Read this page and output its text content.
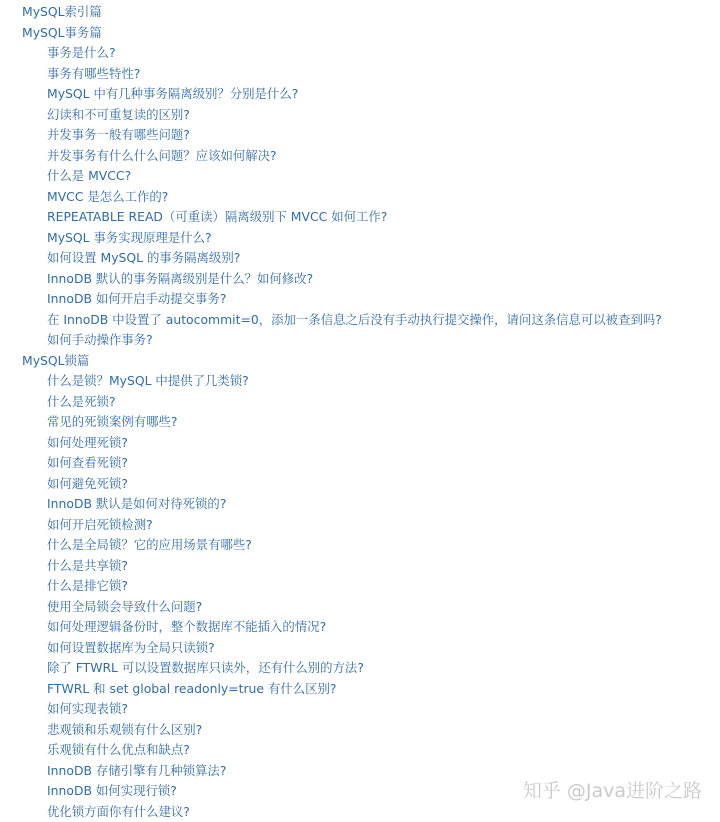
MySQL索引篇
MySQL事务篇
事务是什么?
事务有哪些特性?
MySQL 中有几种事务隔离级别？分别是什么?
幻读和不可重复读的区别?
并发事务一般有哪些问题?
并发事务有什么什么问题？应该如何解决?
什么是 MVCC?
MVCC 是怎么工作的?
REPEATABLE READ（可重读）隔离级别下 MVCC 如何工作?
MySQL 事务实现原理是什么?
如何设置 MySQL 的事务隔离级别?
InnoDB 默认的事务隔离级别是什么？如何修改?
InnoDB 如何开启手动提交事务?
在 InnoDB 中设置了 autocommit=0，添加一条信息之后没有手动执行提交操作，请问这条信息可以被查到吗?
如何手动操作事务?
MySQL锁篇
什么是锁？MySQL 中提供了几类锁?
什么是死锁?
常见的死锁案例有哪些?
如何处理死锁?
如何查看死锁?
如何避免死锁?
InnoDB 默认是如何对待死锁的?
如何开启死锁检测?
什么是全局锁？它的应用场景有哪些?
什么是共享锁?
什么是排它锁?
使用全局锁会导致什么问题?
如何处理逻辑备份时，整个数据库不能插入的情况?
如何设置数据库为全局只读锁?
除了 FTWRL 可以设置数据库只读外，还有什么别的方法?
FTWRL 和 set global readonly=true 有什么区别?
如何实现表锁?
悲观锁和乐观锁有什么区别?
乐观锁有什么优点和缺点?
InnoDB 存储引擎有几种锁算法?
InnoDB 如何实现行锁?
优化锁方面你有什么建议?
知乎 @Java进阶之路
